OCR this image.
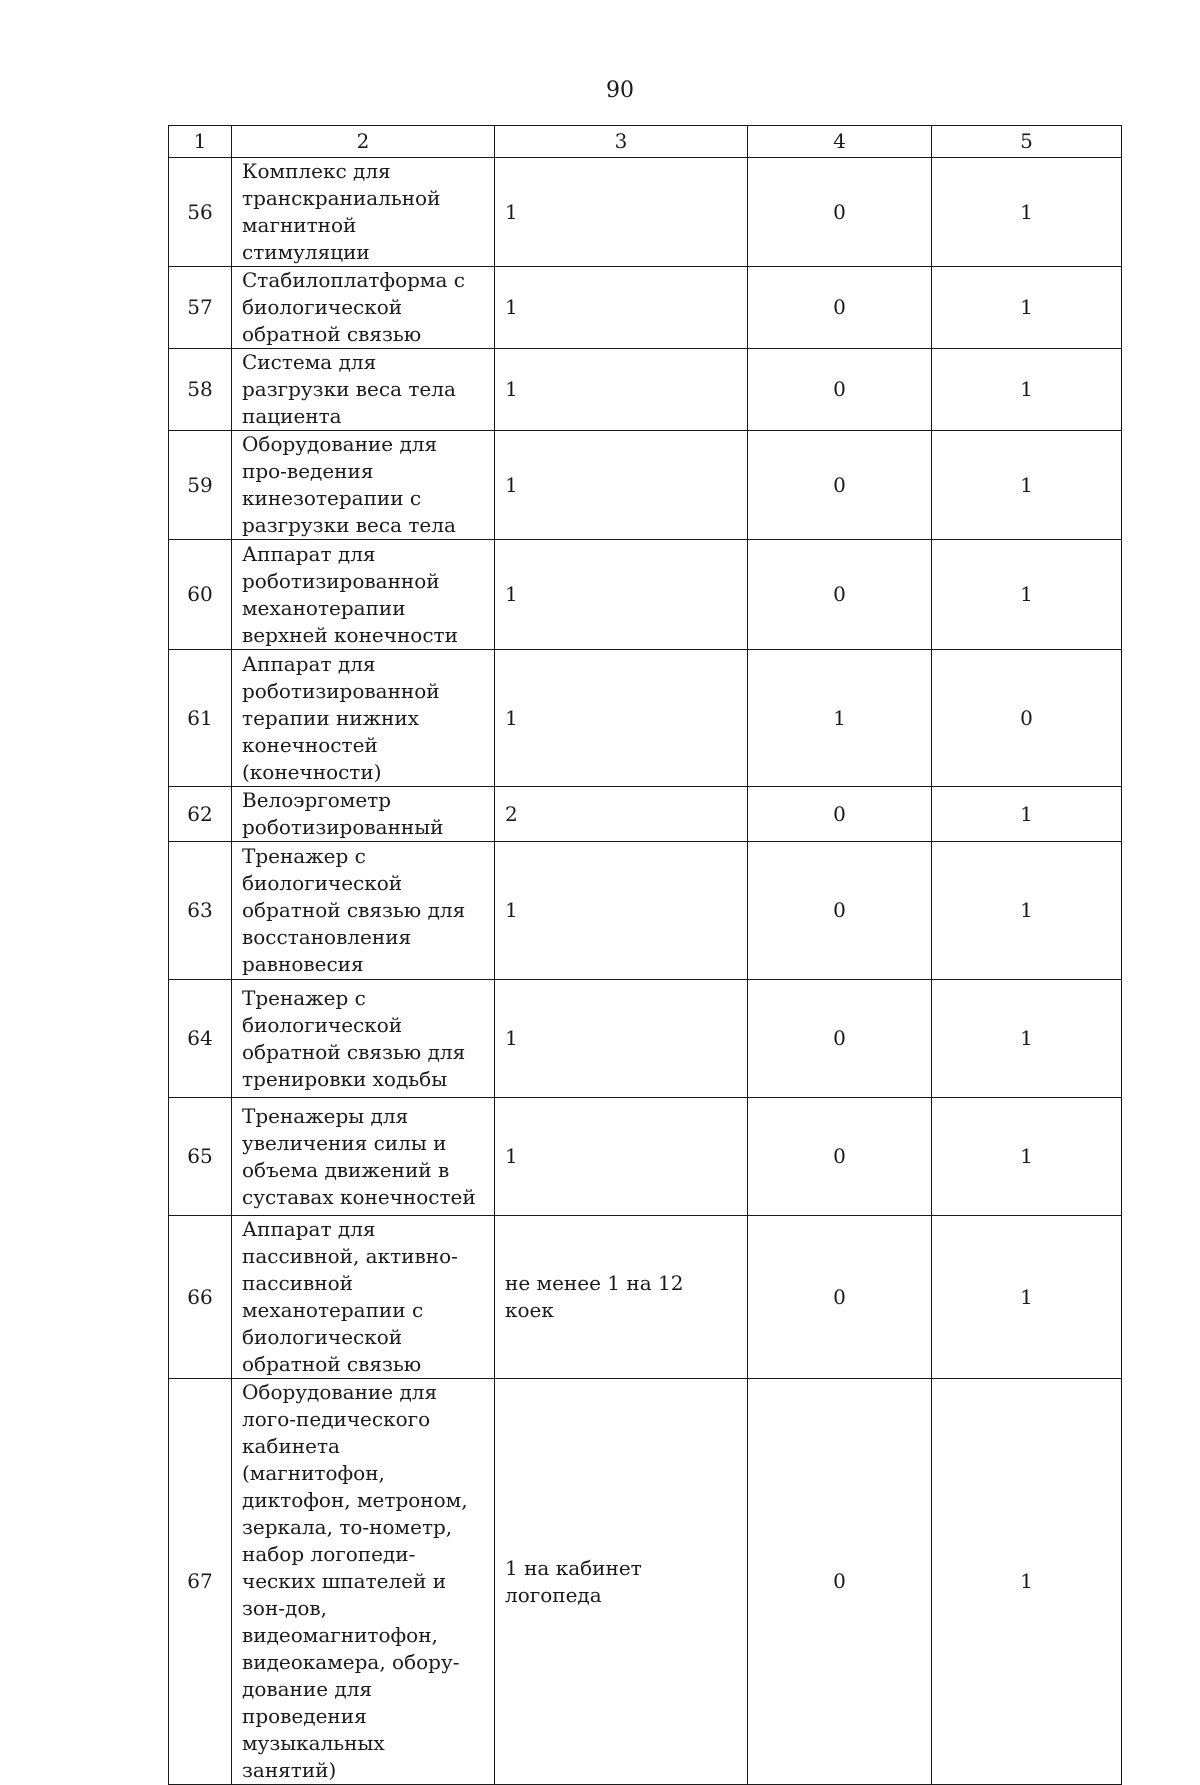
90
1	2	3	4	5
56	Комплекс для транскраниальной магнитной стимуляции	1	0	1
57	Стабилоплатформа с биологической обратной связью	1	0	1
58	Система для разгрузки веса тела пациента	1	0	1
59	Оборудование для про-ведения кинезотерапии с разгрузки веса тела	1	0	1
60	Аппарат для роботизированной механотерапии верхней конечности	1	0	1
61	Аппарат для роботизированной терапии нижних конечностей (конечности)	1	1	0
62	Велоэргометр роботизированный	2	0	1
63	Тренажер с биологической обратной связью для восстановления равновесия	1	0	1
64	Тренажер с биологической обратной связью для тренировки ходьбы	1	0	1
65	Тренажеры для увеличения силы и объема движений в суставах конечностей	1	0	1
66	Аппарат для пассивной, активно-пассивной механотерапии с биологической обратной связью	не менее 1 на 12 коек	0	1
67	Оборудование для лого-педического кабинета (магнитофон, диктофон, метроном, зеркала, то-нометр, набор логопеди-ческих шпателей и зон-дов, видеомагнитофон, видеокамера, обору-дование для проведения музыкальных занятий)	1 на кабинет логопеда	0	1
